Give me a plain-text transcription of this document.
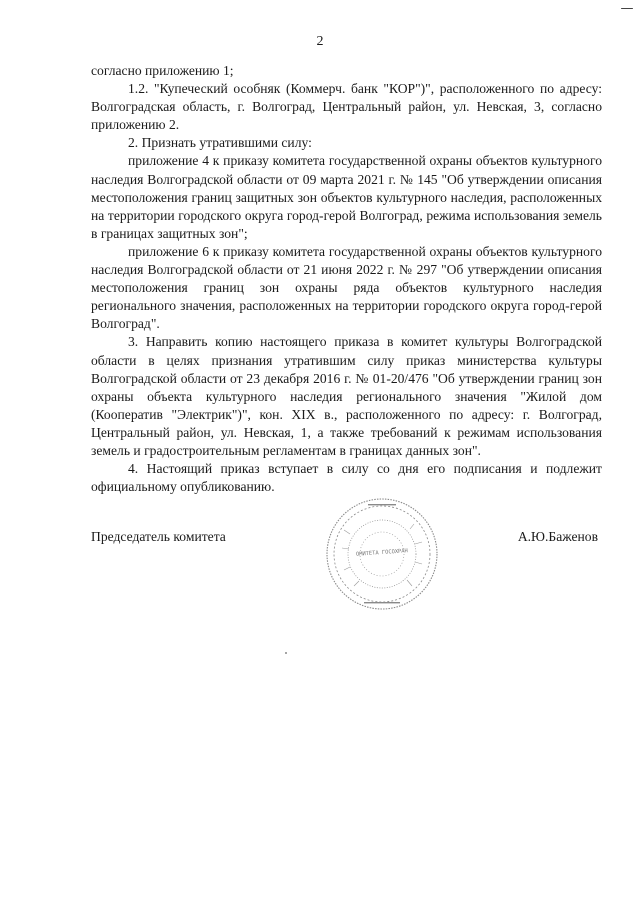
2

согласно приложению 1;

1.2. "Купеческий особняк (Коммерч. банк "КОР")", расположенного по адресу: Волгоградская область, г. Волгоград, Центральный район, ул. Невская, 3, согласно приложению 2.

2. Признать утратившими силу:

приложение 4 к приказу комитета государственной охраны объектов культурного наследия Волгоградской области от 09 марта 2021 г. № 145 "Об утверждении описания местоположения границ защитных зон объектов культурного наследия, расположенных на территории городского округа город-герой Волгоград, режима использования земель в границах защитных зон";

приложение 6 к приказу комитета государственной охраны объектов культурного наследия Волгоградской области от 21 июня 2022 г. № 297 "Об утверждении описания местоположения границ зон охраны ряда объектов культурного наследия регионального значения, расположенных на территории городского округа город-герой Волгоград".

3. Направить копию настоящего приказа в комитет культуры Волгоградской области в целях признания утратившим силу приказ министерства культуры Волгоградской области от 23 декабря 2016 г. № 01-20/476 "Об утверждении границ зон охраны объекта культурного наследия регионального значения "Жилой дом (Кооператив "Электрик")", кон. XIX в., расположенного по адресу: г. Волгоград, Центральный район, ул. Невская, 1, а также требований к режимам использования земель и градостроительным регламентам в границах данных зон".

4. Настоящий приказ вступает в силу со дня его подписания и подлежит официальному опубликованию.

Председатель комитета	А.Ю.Баженов
ОМИТЕТА ГОСОХРАН
